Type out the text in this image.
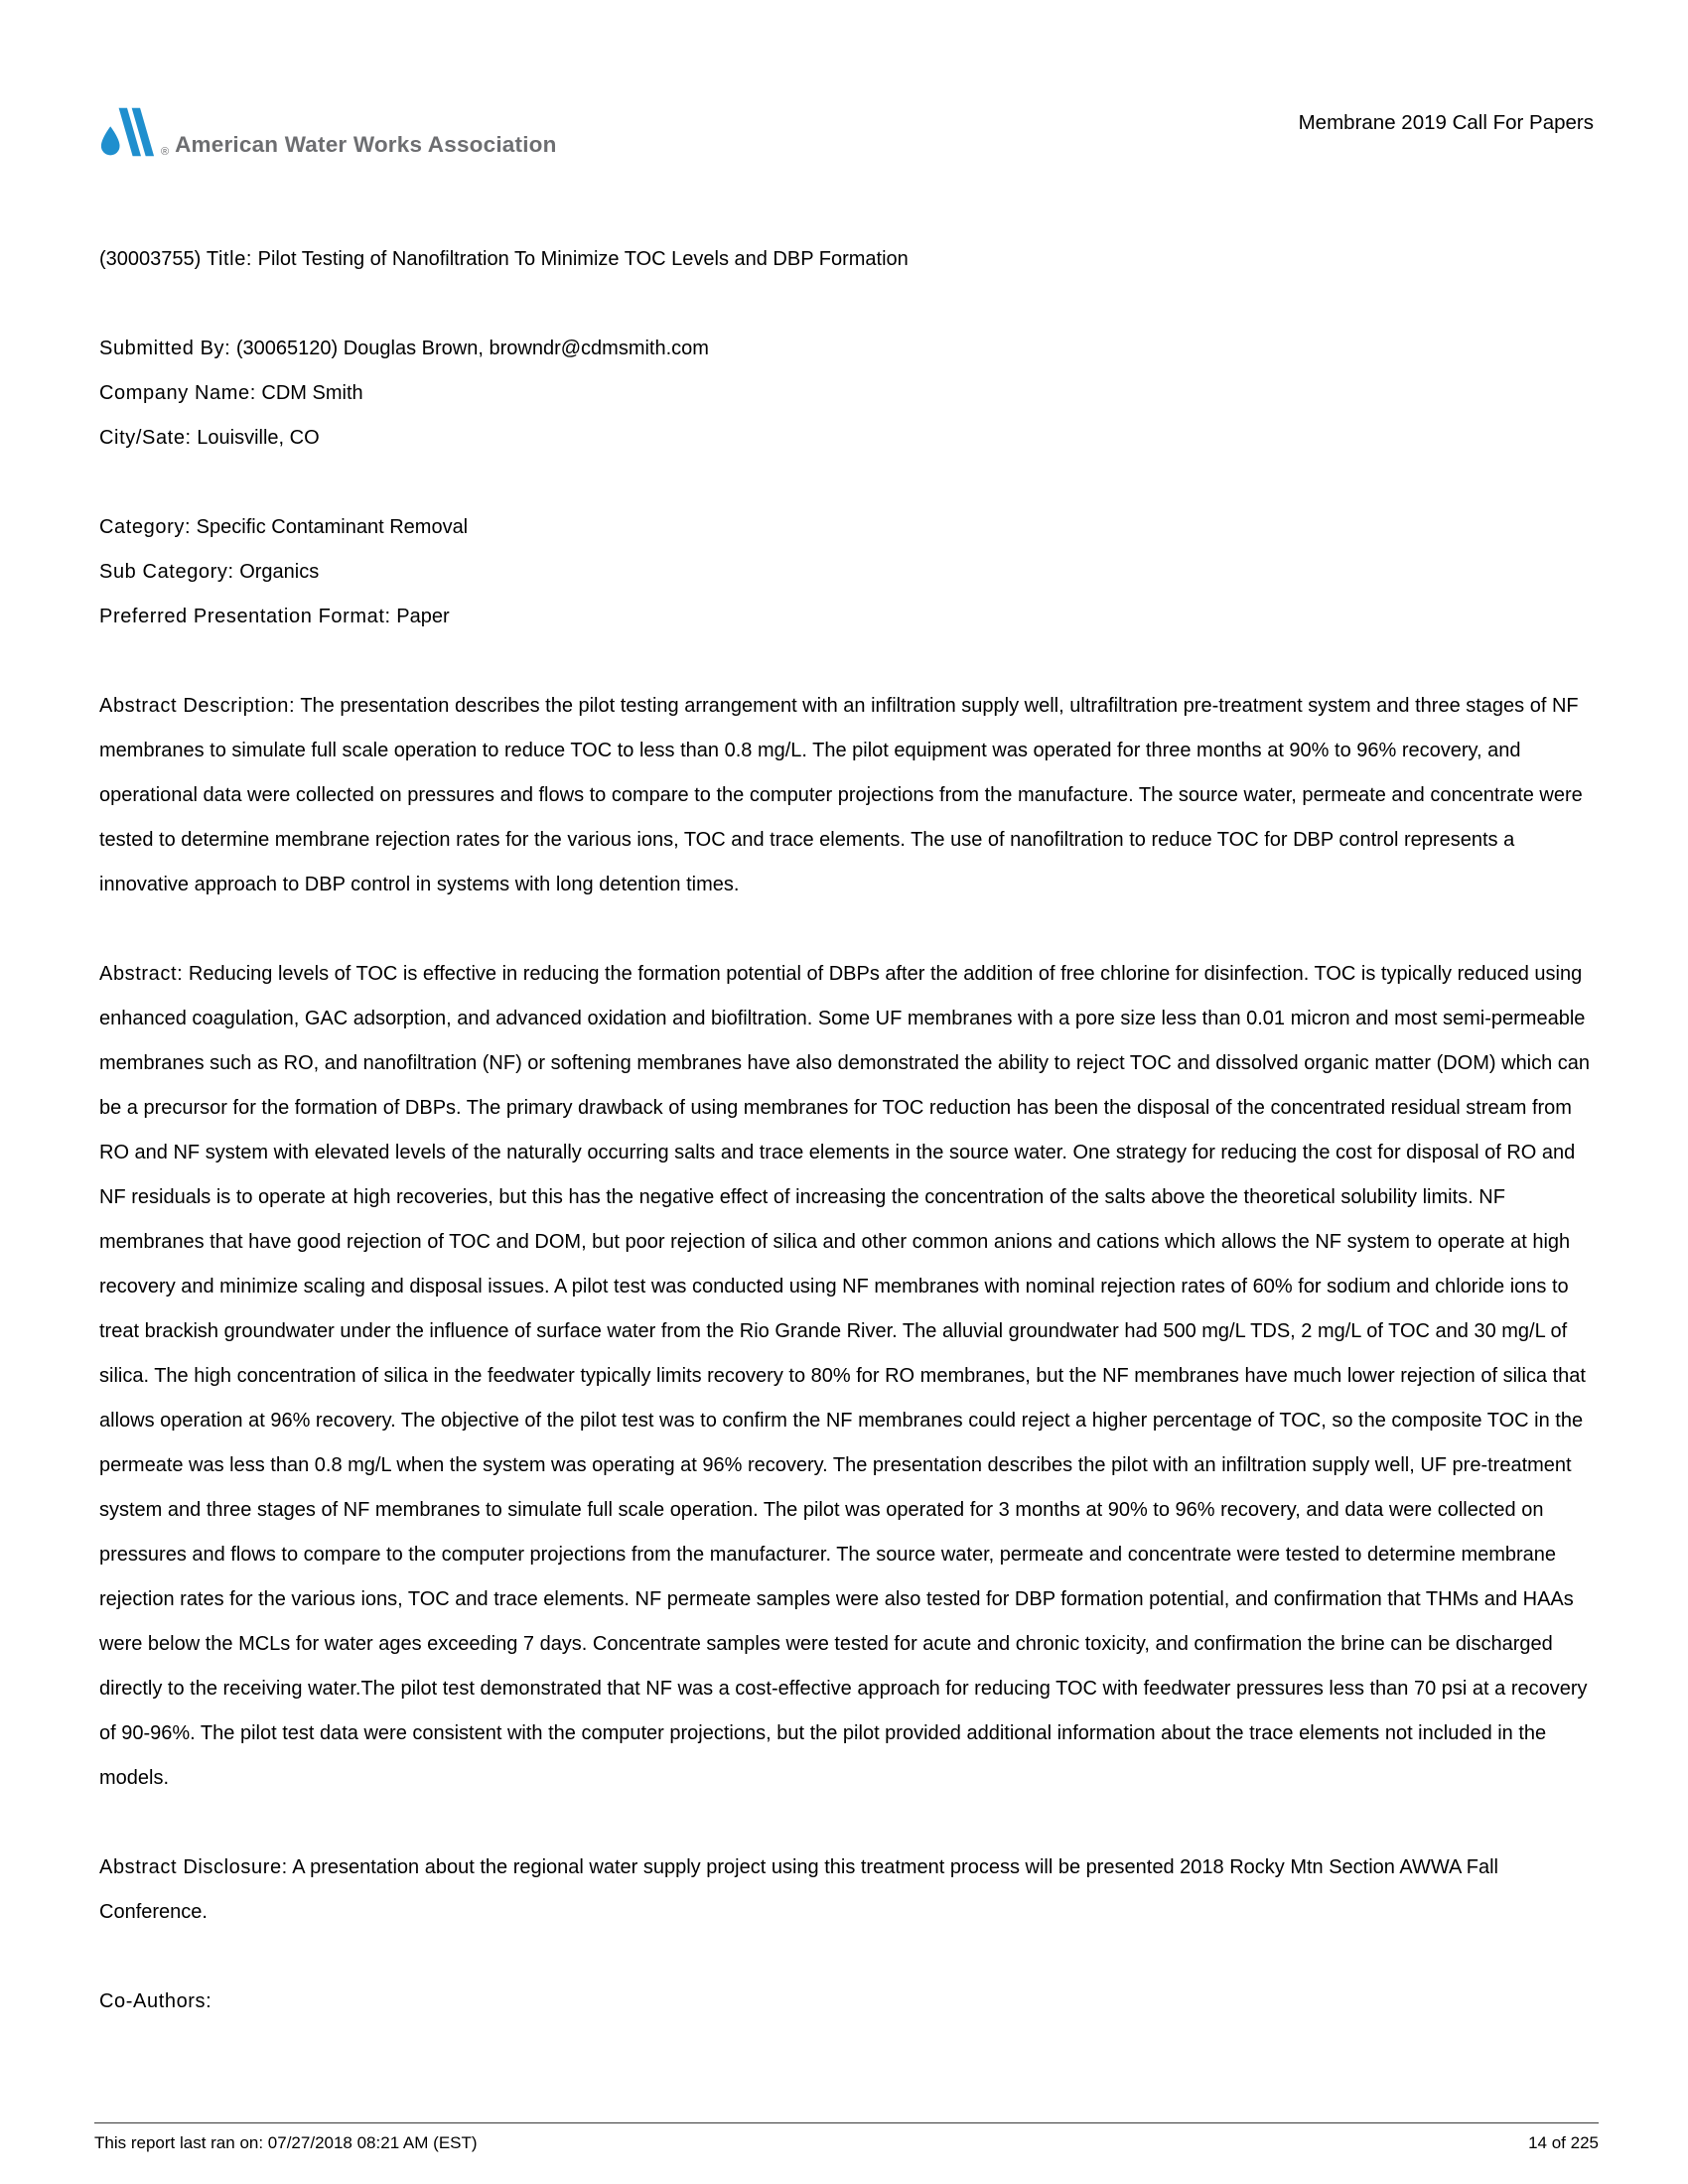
® American Water Works Association
Membrane 2019 Call For Papers
(30003755) Title: Pilot Testing of Nanofiltration To Minimize TOC Levels and DBP Formation
Submitted By: (30065120) Douglas Brown, browndr@cdmsmith.com
Company Name: CDM Smith
City/Sate: Louisville, CO
Category: Specific Contaminant Removal
Sub Category: Organics
Preferred Presentation Format: Paper
Abstract Description: The presentation describes the pilot testing arrangement with an infiltration supply well, ultrafiltration pre-treatment system and three stages of NF membranes to simulate full scale operation to reduce TOC to less than 0.8 mg/L. The pilot equipment was operated for three months at 90% to 96% recovery, and operational data were collected on pressures and flows to compare to the computer projections from the manufacture. The source water, permeate and concentrate were tested to determine membrane rejection rates for the various ions, TOC and trace elements. The use of nanofiltration to reduce TOC for DBP control represents a innovative approach to DBP control in systems with long detention times.
Abstract: Reducing levels of TOC is effective in reducing the formation potential of DBPs after the addition of free chlorine for disinfection. TOC is typically reduced using enhanced coagulation, GAC adsorption, and advanced oxidation and biofiltration. Some UF membranes with a pore size less than 0.01 micron and most semi-permeable membranes such as RO, and nanofiltration (NF) or softening membranes have also demonstrated the ability to reject TOC and dissolved organic matter (DOM) which can be a precursor for the formation of DBPs. The primary drawback of using membranes for TOC reduction has been the disposal of the concentrated residual stream from RO and NF system with elevated levels of the naturally occurring salts and trace elements in the source water. One strategy for reducing the cost for disposal of RO and NF residuals is to operate at high recoveries, but this has the negative effect of increasing the concentration of the salts above the theoretical solubility limits. NF membranes that have good rejection of TOC and DOM, but poor rejection of silica and other common anions and cations which allows the NF system to operate at high recovery and minimize scaling and disposal issues. A pilot test was conducted using NF membranes with nominal rejection rates of 60% for sodium and chloride ions to treat brackish groundwater under the influence of surface water from the Rio Grande River. The alluvial groundwater had 500 mg/L TDS, 2 mg/L of TOC and 30 mg/L of silica. The high concentration of silica in the feedwater typically limits recovery to 80% for RO membranes, but the NF membranes have much lower rejection of silica that allows operation at 96% recovery. The objective of the pilot test was to confirm the NF membranes could reject a higher percentage of TOC, so the composite TOC in the permeate was less than 0.8 mg/L when the system was operating at 96% recovery. The presentation describes the pilot with an infiltration supply well, UF pre-treatment system and three stages of NF membranes to simulate full scale operation. The pilot was operated for 3 months at 90% to 96% recovery, and data were collected on pressures and flows to compare to the computer projections from the manufacturer. The source water, permeate and concentrate were tested to determine membrane rejection rates for the various ions, TOC and trace elements. NF permeate samples were also tested for DBP formation potential, and confirmation that THMs and HAAs were below the MCLs for water ages exceeding 7 days. Concentrate samples were tested for acute and chronic toxicity, and confirmation the brine can be discharged directly to the receiving water.The pilot test demonstrated that NF was a cost-effective approach for reducing TOC with feedwater pressures less than 70 psi at a recovery of 90-96%. The pilot test data were consistent with the computer projections, but the pilot provided additional information about the trace elements not included in the models.
Abstract Disclosure: A presentation about the regional water supply project using this treatment process will be presented 2018 Rocky Mtn Section AWWA Fall Conference.
Co-Authors:
This report last ran on: 07/27/2018 08:21 AM (EST)	14 of 225
